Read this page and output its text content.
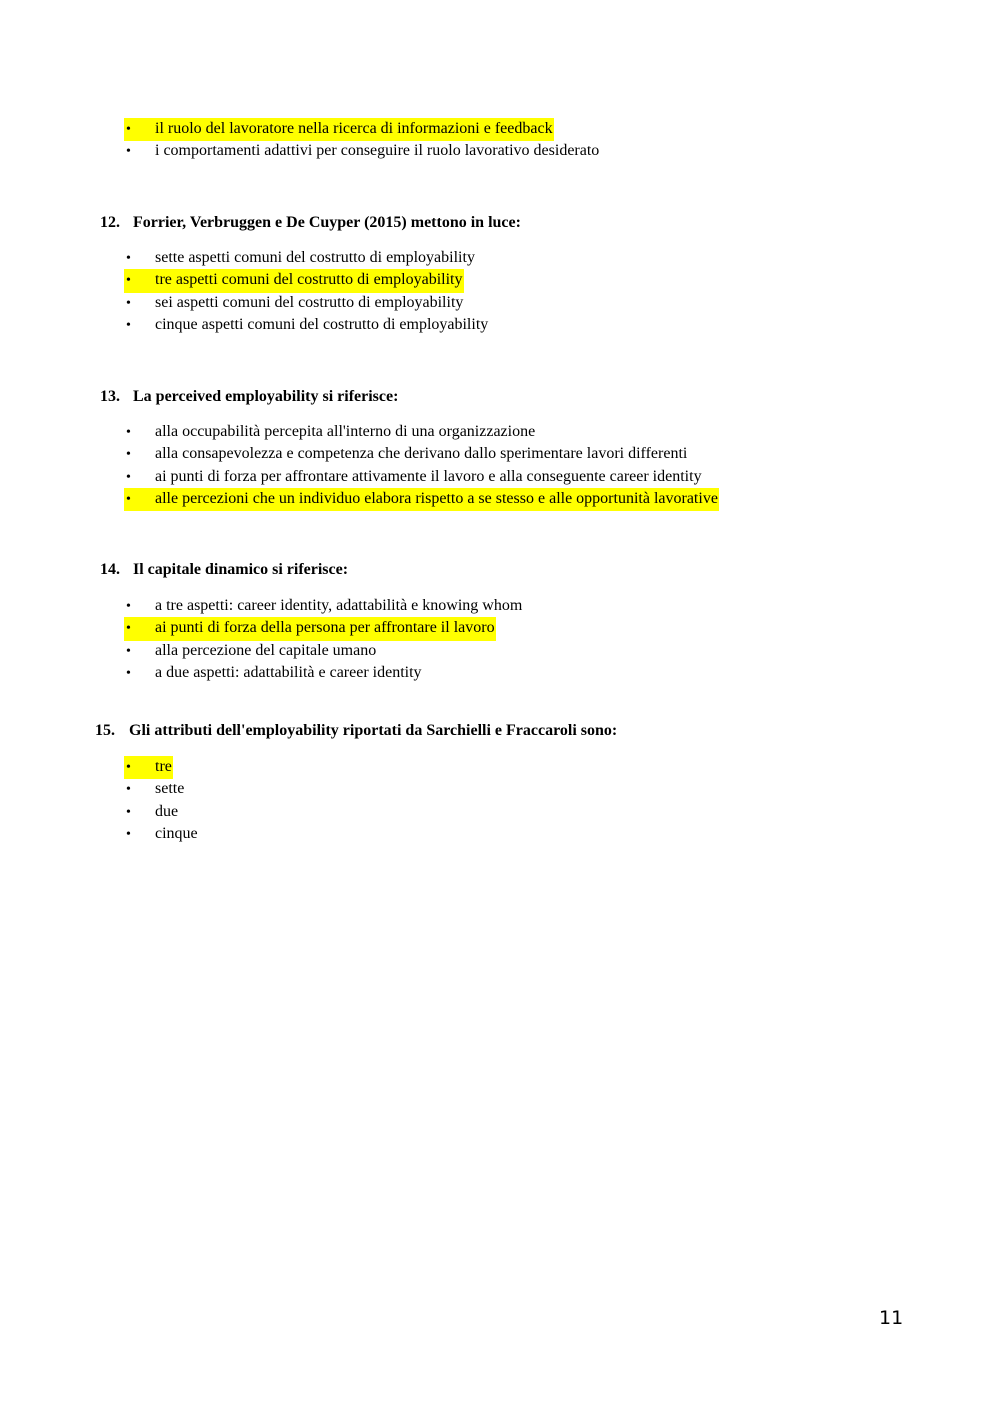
• il ruolo del lavoratore nella ricerca di informazioni e feedback
• i comportamenti adattivi per conseguire il ruolo lavorativo desiderato
12. Forrier, Verbruggen e De Cuyper (2015) mettono in luce:
• sette aspetti comuni del costrutto di employability
• tre aspetti comuni del costrutto di employability
• sei aspetti comuni del costrutto di employability
• cinque aspetti comuni del costrutto di employability
13. La perceived employability si riferisce:
• alla occupabilità percepita all'interno di una organizzazione
• alla consapevolezza e competenza che derivano dallo sperimentare lavori differenti
• ai punti di forza per affrontare attivamente il lavoro e alla conseguente career identity
• alle percezioni che un individuo elabora rispetto a se stesso e alle opportunità lavorative
14. Il capitale dinamico si riferisce:
• a tre aspetti: career identity, adattabilità e knowing whom
• ai punti di forza della persona per affrontare il lavoro
• alla percezione del capitale umano
• a due aspetti: adattabilità e career identity
15. Gli attributi dell'employability riportati da Sarchielli e Fraccaroli sono:
• tre
• sette
• due
• cinque
11
